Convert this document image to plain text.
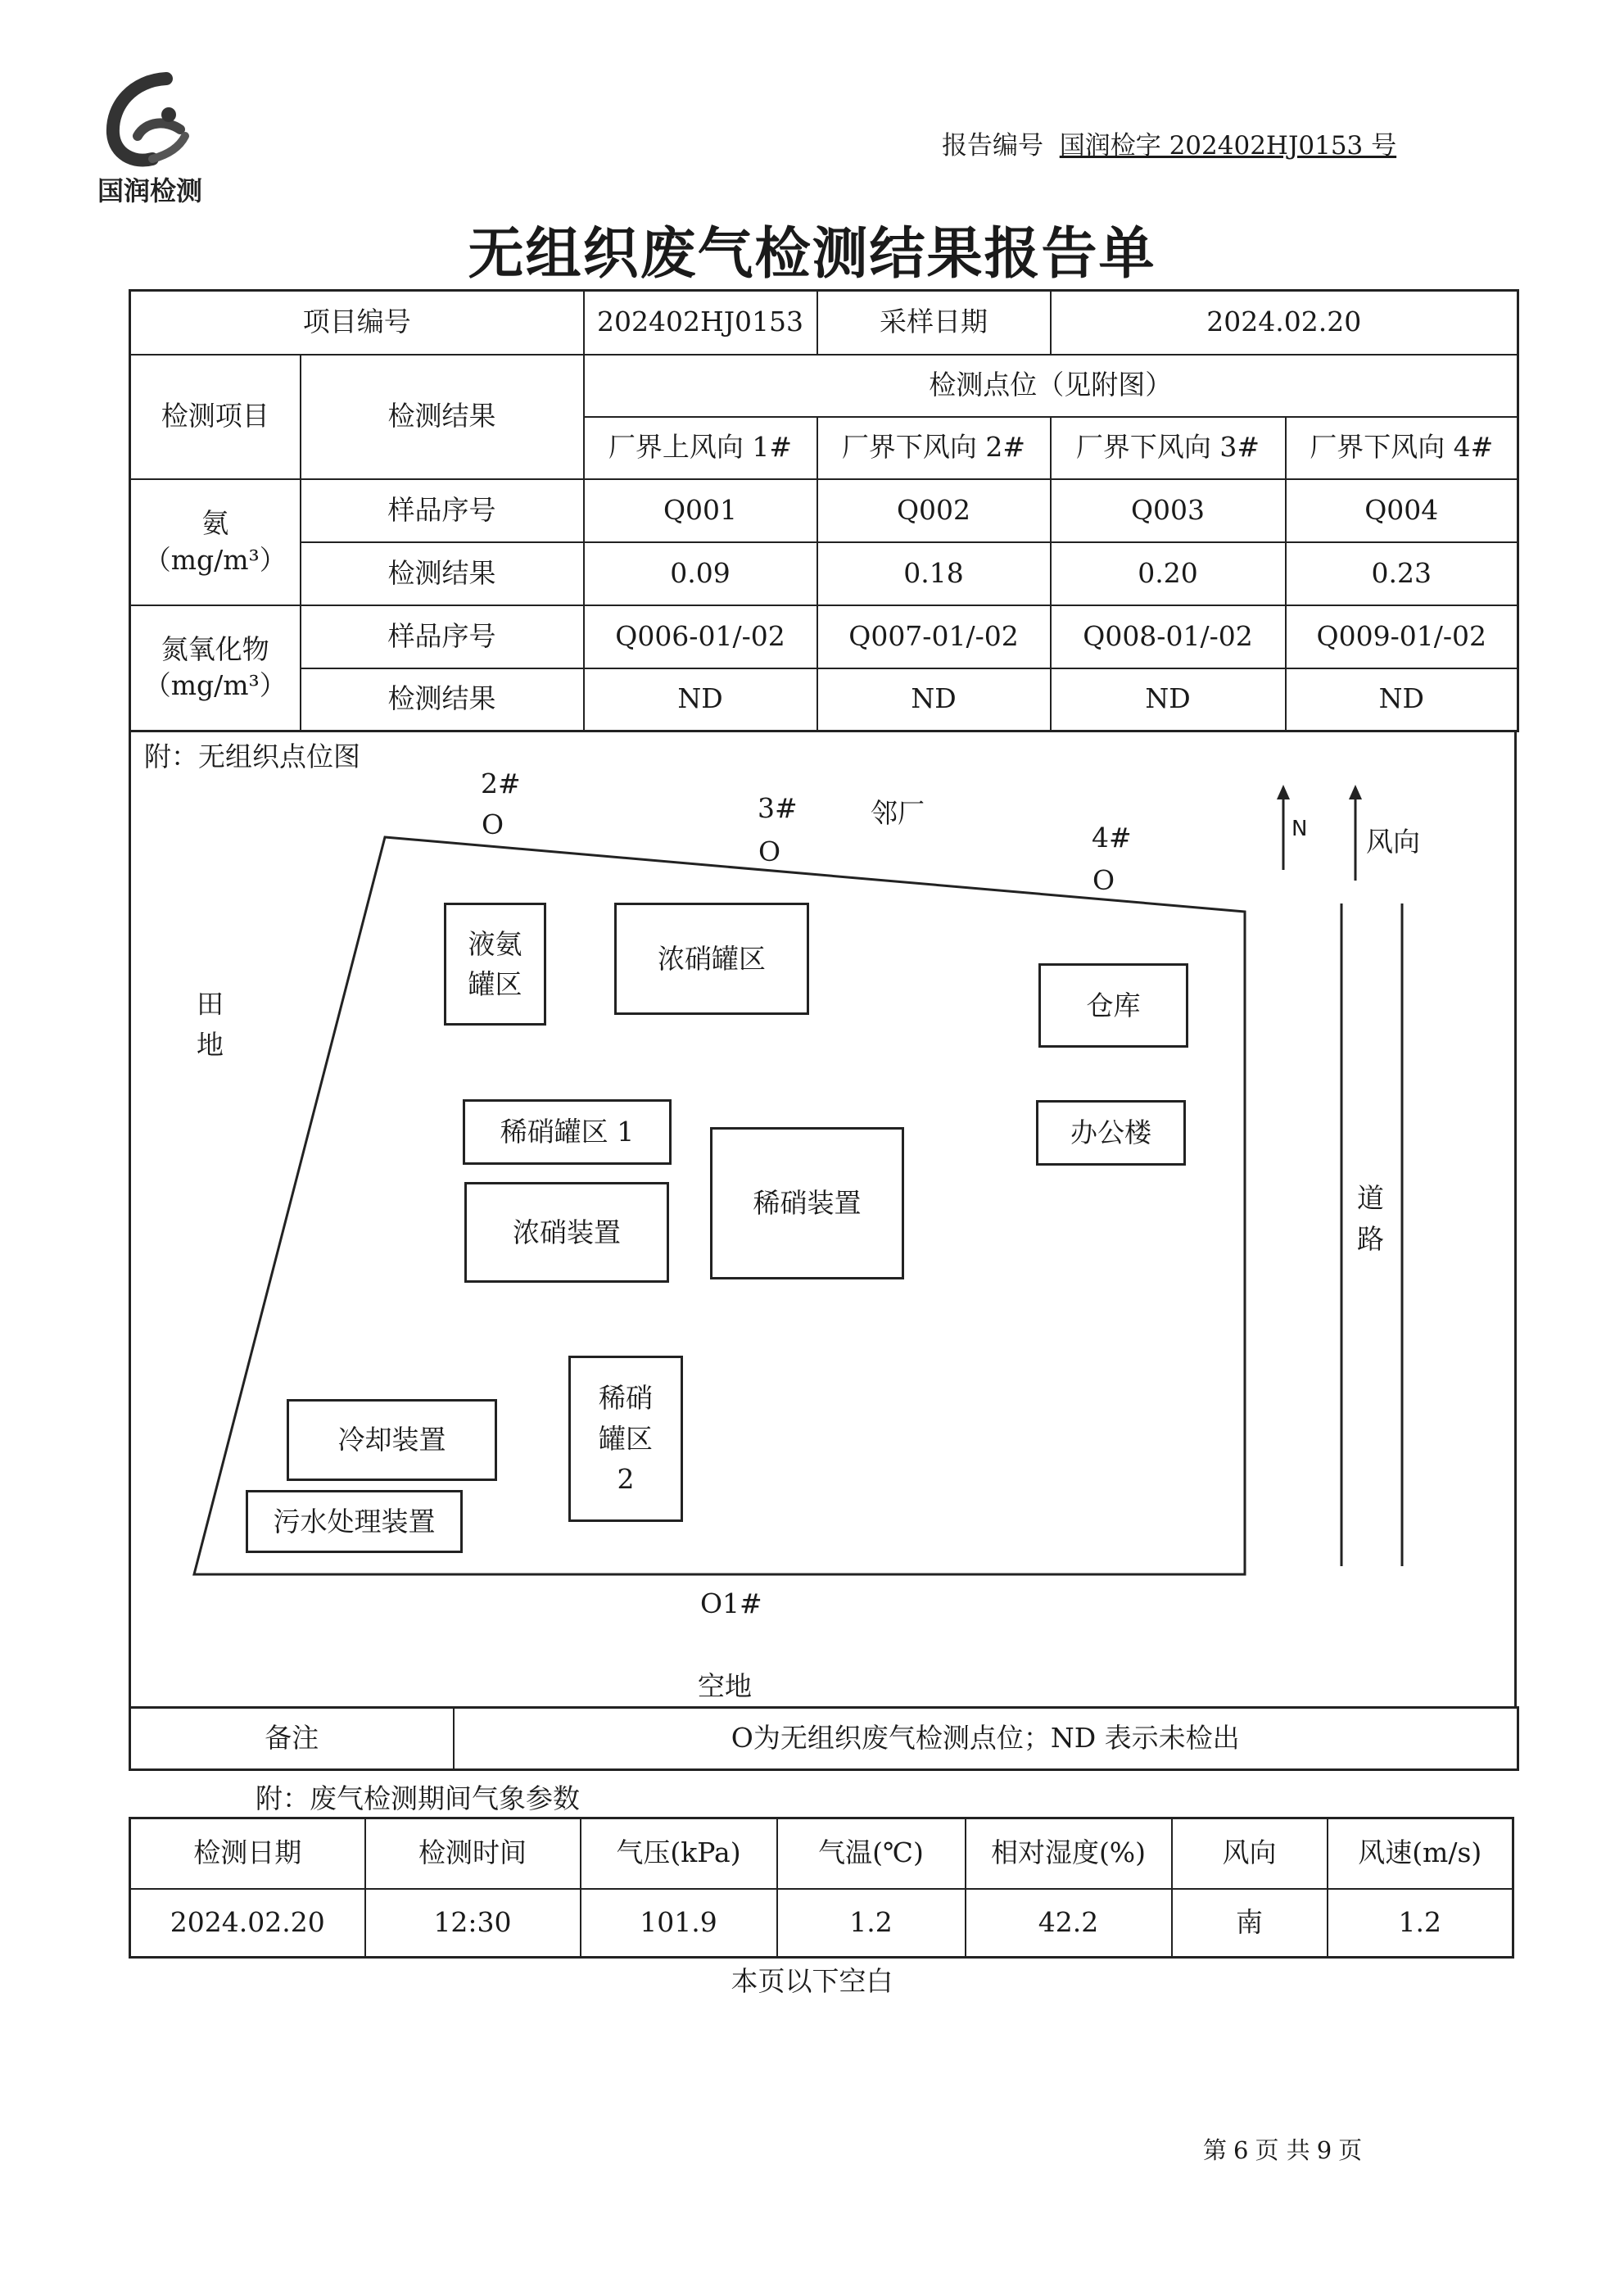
国润检测
报告编号 国润检字 202402HJ0153 号
无组织废气检测结果报告单
项目编号		202402HJ0153	采样日期	2024.02.20	
检测项目	检测结果	检测点位（见附图）			
		厂界上风向 1#	厂界下风向 2#	厂界下风向 3#	厂界下风向 4#

氨
（mg/m³）	样品序号	Q001	Q002	Q003	Q004
	检测结果	0.09	0.18	0.20	0.23

氮氧化物
（mg/m³）	样品序号	Q006-01/-02	Q007-01/-02	Q008-01/-02	Q009-01/-02
	检测结果	ND	ND	ND	ND
附：无组织点位图
2#
O
3#
O
邻厂
4#
O
N 风向
田
地
道
路
O1#
空地
液氨
罐区
浓硝罐区
仓库
稀硝罐区 1	办公楼
浓硝装置
稀硝装置
稀硝
罐区
2
冷却装置
污水处理装置
备注	O为无组织废气检测点位；ND 表示未检出
附：废气检测期间气象参数
检测日期	检测时间	气压(kPa)	气温(℃)	相对湿度(%)	风向	风速(m/s)
2024.02.20	12:30	101.9	1.2	42.2	南	1.2
本页以下空白
第 6 页 共 9 页
